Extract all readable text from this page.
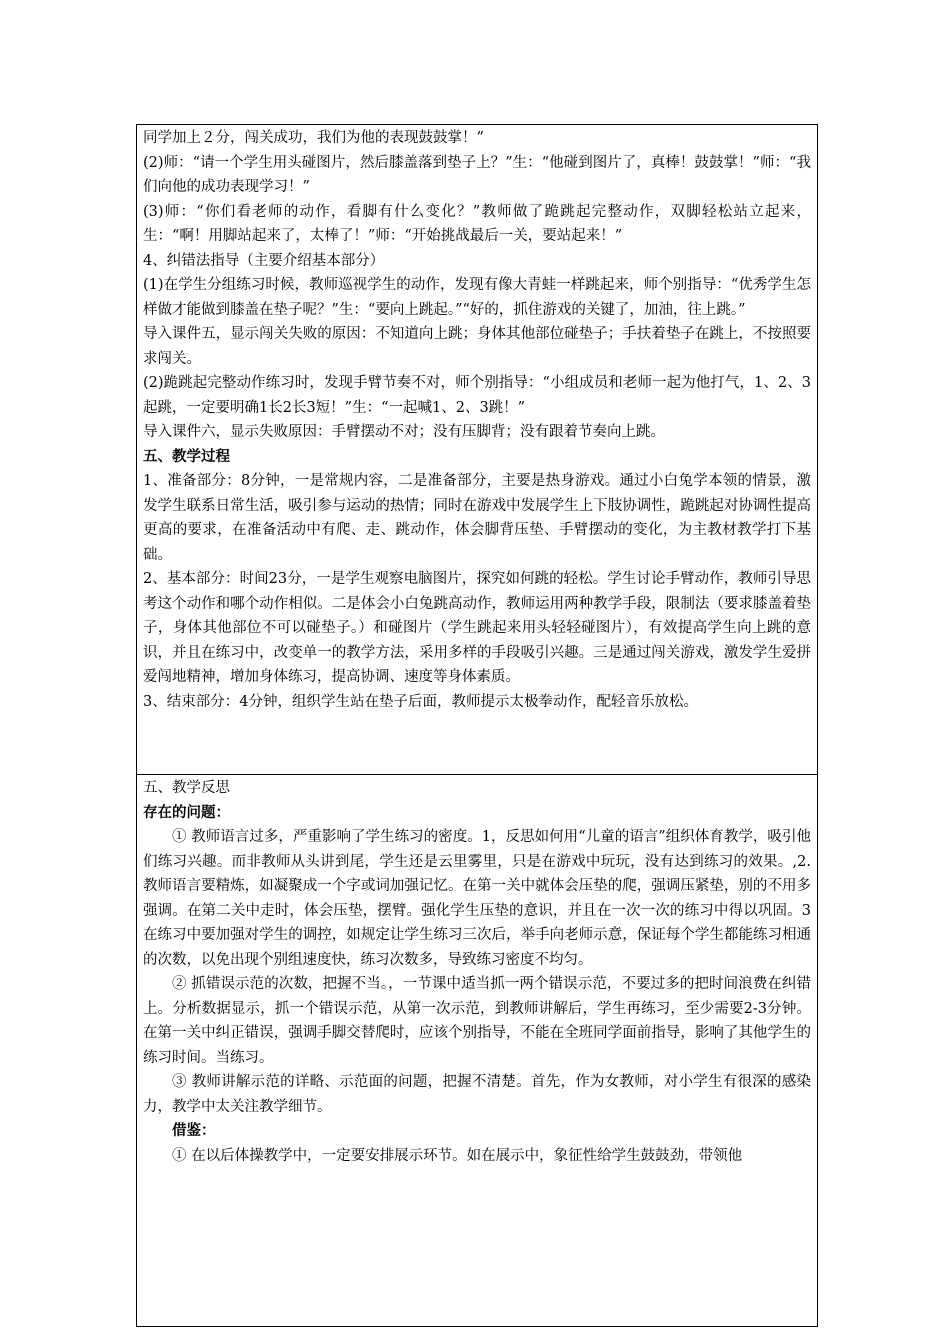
同学加上２分，闯关成功，我们为他的表现鼓鼓掌！”

(2)师：“请一个学生用头碰图片，然后膝盖落到垫子上？”生：“他碰到图片了，真棒！鼓鼓掌！”师：“我们向他的成功表现学习！”

(3)师：“你们看老师的动作，看脚有什么变化？”教师做了跪跳起完整动作，双脚轻松站立起来，生：“啊！用脚站起来了，太棒了！”师：“开始挑战最后一关，要站起来！”

4、纠错法指导（主要介绍基本部分）

(1)在学生分组练习时候，教师巡视学生的动作，发现有像大青蛙一样跳起来，师个别指导：“优秀学生怎样做才能做到膝盖在垫子呢？”生：“要向上跳起。”“好的，抓住游戏的关键了，加油，往上跳。”

导入课件五，显示闯关失败的原因：不知道向上跳；身体其他部位碰垫子；手扶着垫子在跳上，不按照要求闯关。

(2)跪跳起完整动作练习时，发现手臂节奏不对，师个别指导：“小组成员和老师一起为他打气，1、2、3起跳，一定要明确1长2长3短！”生：“一起喊1、2、3跳！”

导入课件六，显示失败原因：手臂摆动不对；没有压脚背；没有跟着节奏向上跳。

五、教学过程

1、准备部分：8分钟，一是常规内容，二是准备部分，主要是热身游戏。通过小白兔学本领的情景，激发学生联系日常生活，吸引参与运动的热情；同时在游戏中发展学生上下肢协调性，跪跳起对协调性提高更高的要求，在准备活动中有爬、走、跳动作，体会脚背压垫、手臂摆动的变化，为主教材教学打下基础。

2、基本部分：时间23分，一是学生观察电脑图片，探究如何跳的轻松。学生讨论手臂动作，教师引导思考这个动作和哪个动作相似。二是体会小白兔跳高动作，教师运用两种教学手段，限制法（要求膝盖着垫子，身体其他部位不可以碰垫子。）和碰图片（学生跳起来用头轻轻碰图片），有效提高学生向上跳的意识，并且在练习中，改变单一的教学方法，采用多样的手段吸引兴趣。三是通过闯关游戏，激发学生爱拼爱闯地精神，增加身体练习，提高协调、速度等身体素质。

3、结束部分：4分钟，组织学生站在垫子后面，教师提示太极拳动作，配轻音乐放松。

五、教学反思

存在的问题：

① 教师语言过多，严重影响了学生练习的密度。1，反思如何用“儿童的语言”组织体育教学，吸引他们练习兴趣。而非教师从头讲到尾，学生还是云里雾里，只是在游戏中玩玩，没有达到练习的效果。,2.教师语言要精炼，如凝聚成一个字或词加强记忆。在第一关中就体会压垫的爬，强调压紧垫，别的不用多强调。在第二关中走时，体会压垫，摆臂。强化学生压垫的意识，并且在一次一次的练习中得以巩固。3在练习中要加强对学生的调控，如规定让学生练习三次后，举手向老师示意，保证每个学生都能练习相通的次数，以免出现个别组速度快，练习次数多，导致练习密度不均匀。

② 抓错误示范的次数，把握不当。，一节课中适当抓一两个错误示范，不要过多的把时间浪费在纠错上。分析数据显示，抓一个错误示范，从第一次示范，到教师讲解后，学生再练习，至少需要2-3分钟。在第一关中纠正错误，强调手脚交替爬时，应该个别指导，不能在全班同学面前指导，影响了其他学生的练习时间。当练习。

③ 教师讲解示范的详略、示范面的问题，把握不清楚。首先，作为女教师，对小学生有很深的感染力，教学中太关注教学细节。

借鉴：

① 在以后体操教学中，一定要安排展示环节。如在展示中，象征性给学生鼓鼓劲，带领他
